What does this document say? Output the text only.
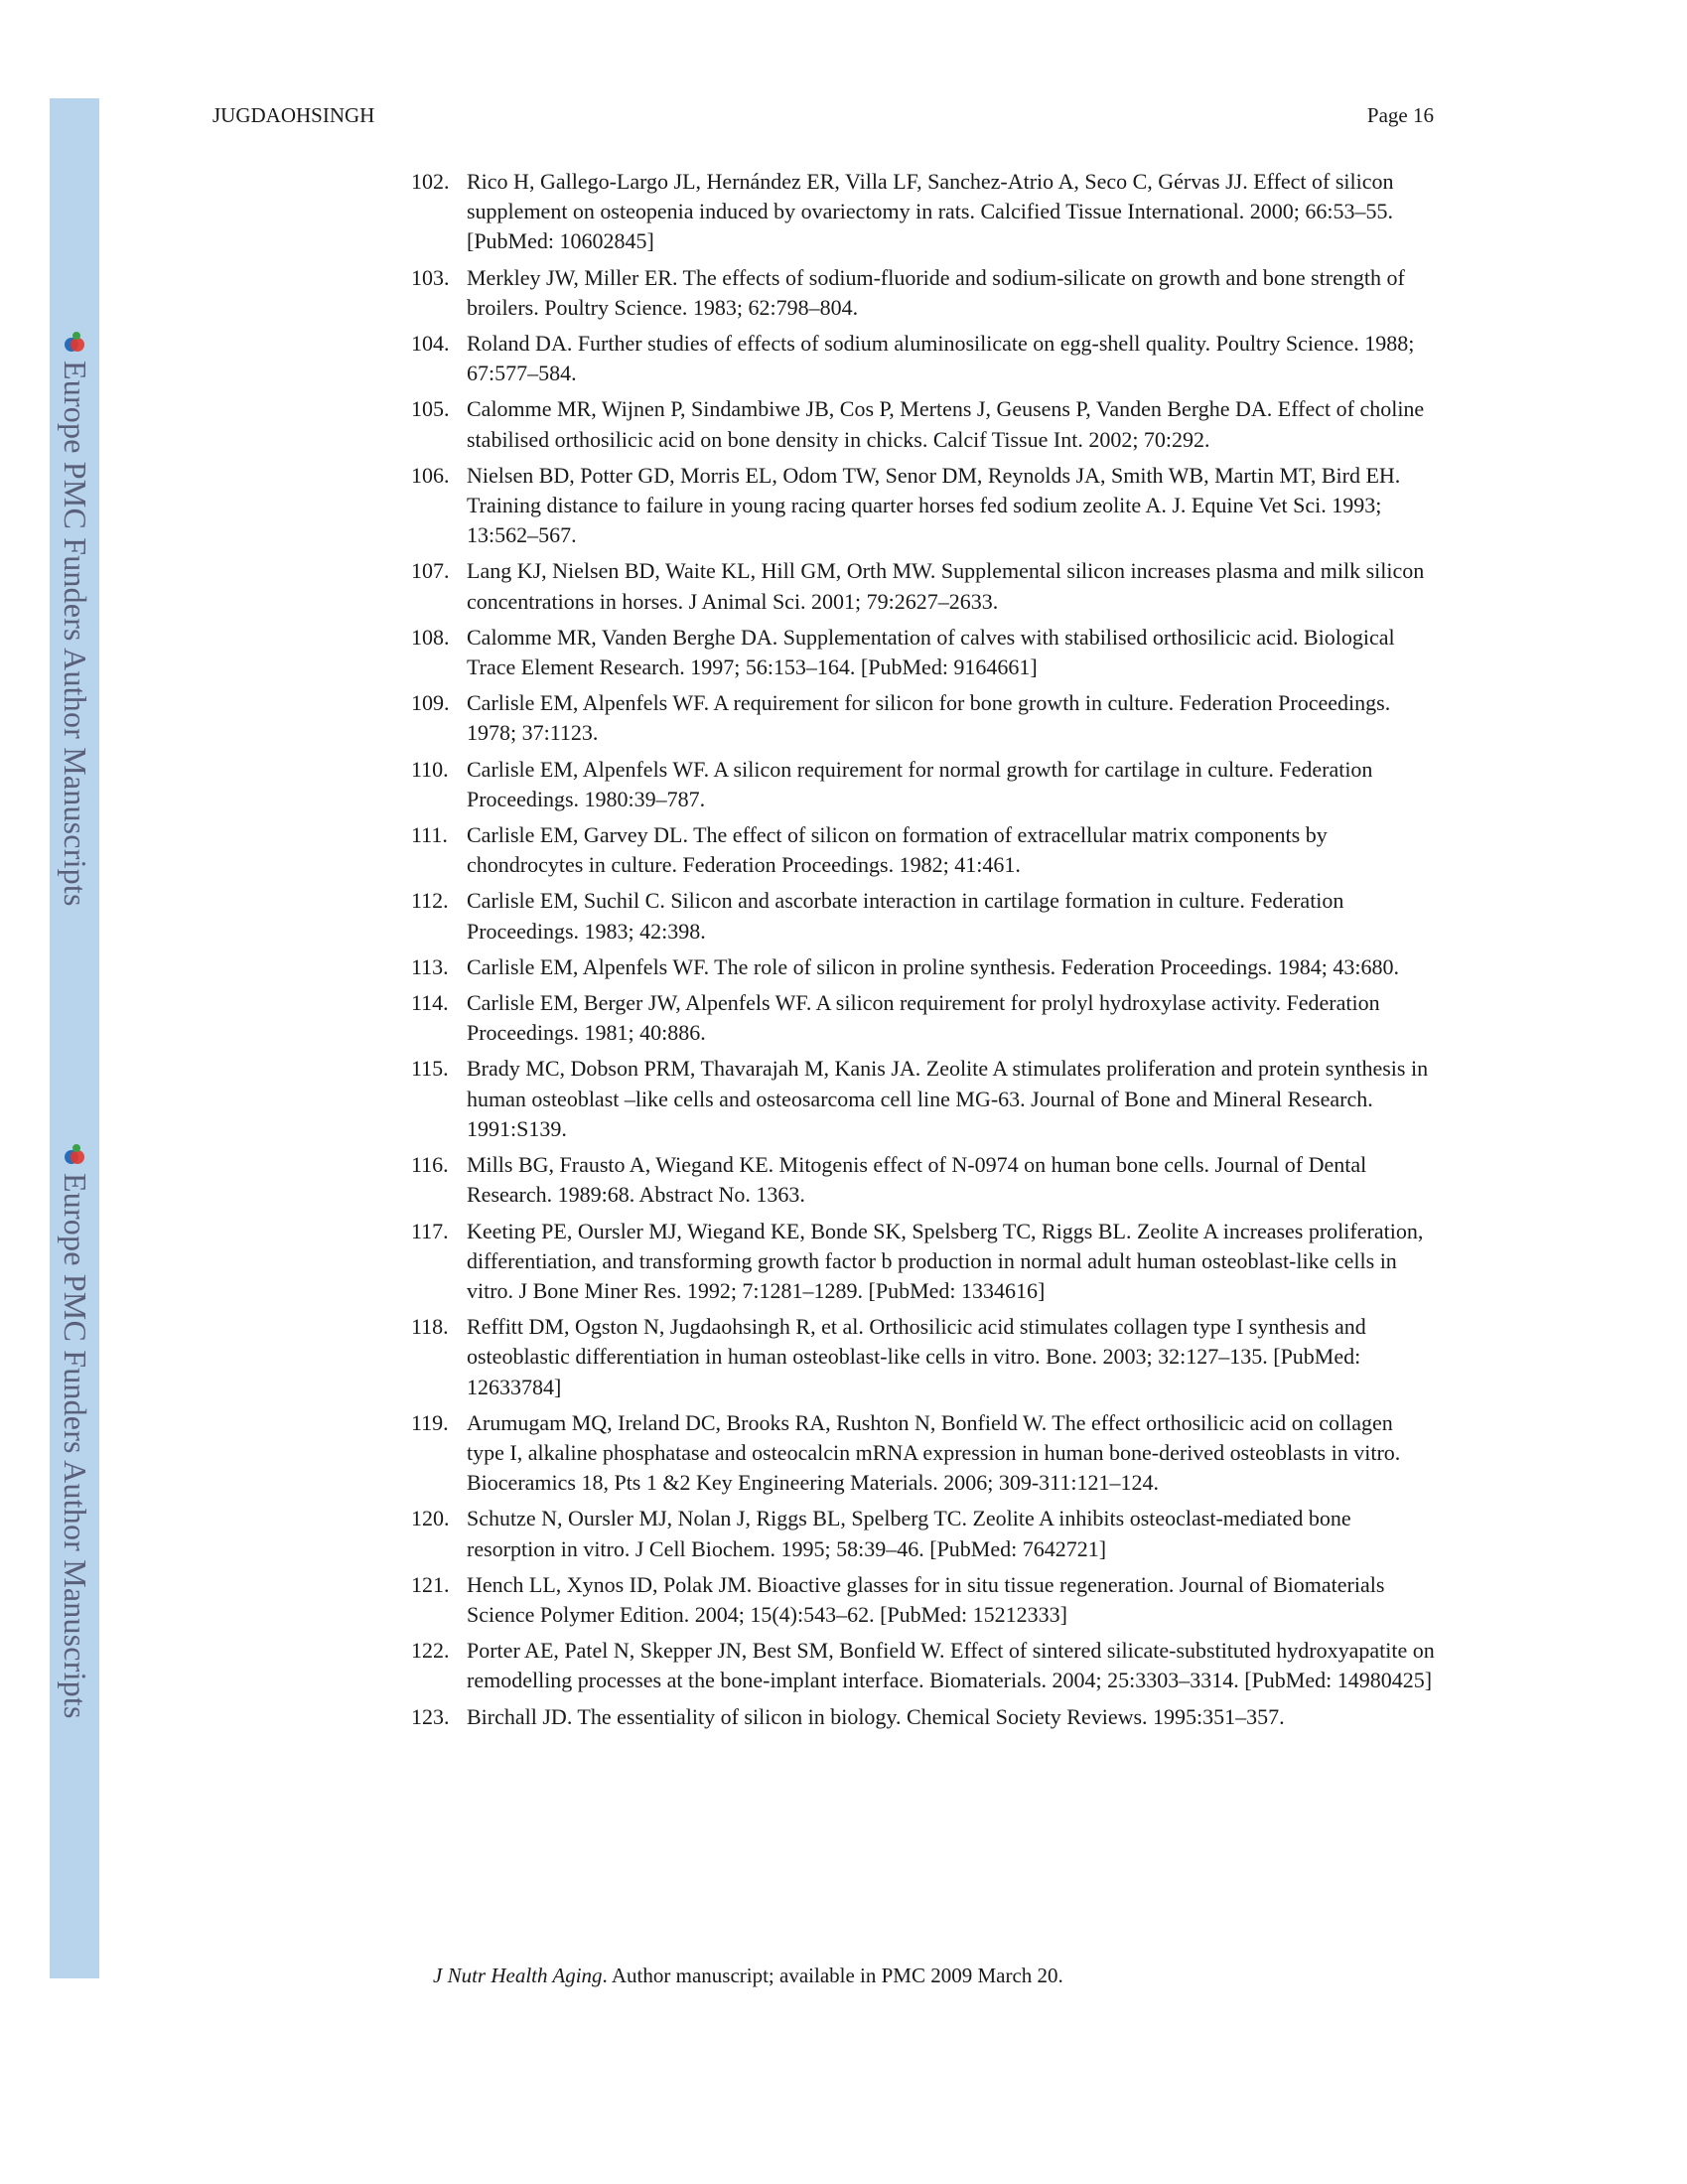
Europe PMC Funders Author Manuscripts
Europe PMC Funders Author Manuscripts
JUGDAOHSINGH	Page 16
102. Rico H, Gallego-Largo JL, Hernández ER, Villa LF, Sanchez-Atrio A, Seco C, Gérvas JJ. Effect of silicon supplement on osteopenia induced by ovariectomy in rats. Calcified Tissue International. 2000; 66:53–55. [PubMed: 10602845]
103. Merkley JW, Miller ER. The effects of sodium-fluoride and sodium-silicate on growth and bone strength of broilers. Poultry Science. 1983; 62:798–804.
104. Roland DA. Further studies of effects of sodium aluminosilicate on egg-shell quality. Poultry Science. 1988; 67:577–584.
105. Calomme MR, Wijnen P, Sindambiwe JB, Cos P, Mertens J, Geusens P, Vanden Berghe DA. Effect of choline stabilised orthosilicic acid on bone density in chicks. Calcif Tissue Int. 2002; 70:292.
106. Nielsen BD, Potter GD, Morris EL, Odom TW, Senor DM, Reynolds JA, Smith WB, Martin MT, Bird EH. Training distance to failure in young racing quarter horses fed sodium zeolite A. J. Equine Vet Sci. 1993; 13:562–567.
107. Lang KJ, Nielsen BD, Waite KL, Hill GM, Orth MW. Supplemental silicon increases plasma and milk silicon concentrations in horses. J Animal Sci. 2001; 79:2627–2633.
108. Calomme MR, Vanden Berghe DA. Supplementation of calves with stabilised orthosilicic acid. Biological Trace Element Research. 1997; 56:153–164. [PubMed: 9164661]
109. Carlisle EM, Alpenfels WF. A requirement for silicon for bone growth in culture. Federation Proceedings. 1978; 37:1123.
110. Carlisle EM, Alpenfels WF. A silicon requirement for normal growth for cartilage in culture. Federation Proceedings. 1980:39–787.
111. Carlisle EM, Garvey DL. The effect of silicon on formation of extracellular matrix components by chondrocytes in culture. Federation Proceedings. 1982; 41:461.
112. Carlisle EM, Suchil C. Silicon and ascorbate interaction in cartilage formation in culture. Federation Proceedings. 1983; 42:398.
113. Carlisle EM, Alpenfels WF. The role of silicon in proline synthesis. Federation Proceedings. 1984; 43:680.
114. Carlisle EM, Berger JW, Alpenfels WF. A silicon requirement for prolyl hydroxylase activity. Federation Proceedings. 1981; 40:886.
115. Brady MC, Dobson PRM, Thavarajah M, Kanis JA. Zeolite A stimulates proliferation and protein synthesis in human osteoblast –like cells and osteosarcoma cell line MG-63. Journal of Bone and Mineral Research. 1991:S139.
116. Mills BG, Frausto A, Wiegand KE. Mitogenis effect of N-0974 on human bone cells. Journal of Dental Research. 1989:68. Abstract No. 1363.
117. Keeting PE, Oursler MJ, Wiegand KE, Bonde SK, Spelsberg TC, Riggs BL. Zeolite A increases proliferation, differentiation, and transforming growth factor b production in normal adult human osteoblast-like cells in vitro. J Bone Miner Res. 1992; 7:1281–1289. [PubMed: 1334616]
118. Reffitt DM, Ogston N, Jugdaohsingh R, et al. Orthosilicic acid stimulates collagen type I synthesis and osteoblastic differentiation in human osteoblast-like cells in vitro. Bone. 2003; 32:127–135. [PubMed: 12633784]
119. Arumugam MQ, Ireland DC, Brooks RA, Rushton N, Bonfield W. The effect orthosilicic acid on collagen type I, alkaline phosphatase and osteocalcin mRNA expression in human bone-derived osteoblasts in vitro. Bioceramics 18, Pts 1 &2 Key Engineering Materials. 2006; 309-311:121–124.
120. Schutze N, Oursler MJ, Nolan J, Riggs BL, Spelberg TC. Zeolite A inhibits osteoclast-mediated bone resorption in vitro. J Cell Biochem. 1995; 58:39–46. [PubMed: 7642721]
121. Hench LL, Xynos ID, Polak JM. Bioactive glasses for in situ tissue regeneration. Journal of Biomaterials Science Polymer Edition. 2004; 15(4):543–62. [PubMed: 15212333]
122. Porter AE, Patel N, Skepper JN, Best SM, Bonfield W. Effect of sintered silicate-substituted hydroxyapatite on remodelling processes at the bone-implant interface. Biomaterials. 2004; 25:3303–3314. [PubMed: 14980425]
123. Birchall JD. The essentiality of silicon in biology. Chemical Society Reviews. 1995:351–357.
J Nutr Health Aging. Author manuscript; available in PMC 2009 March 20.
